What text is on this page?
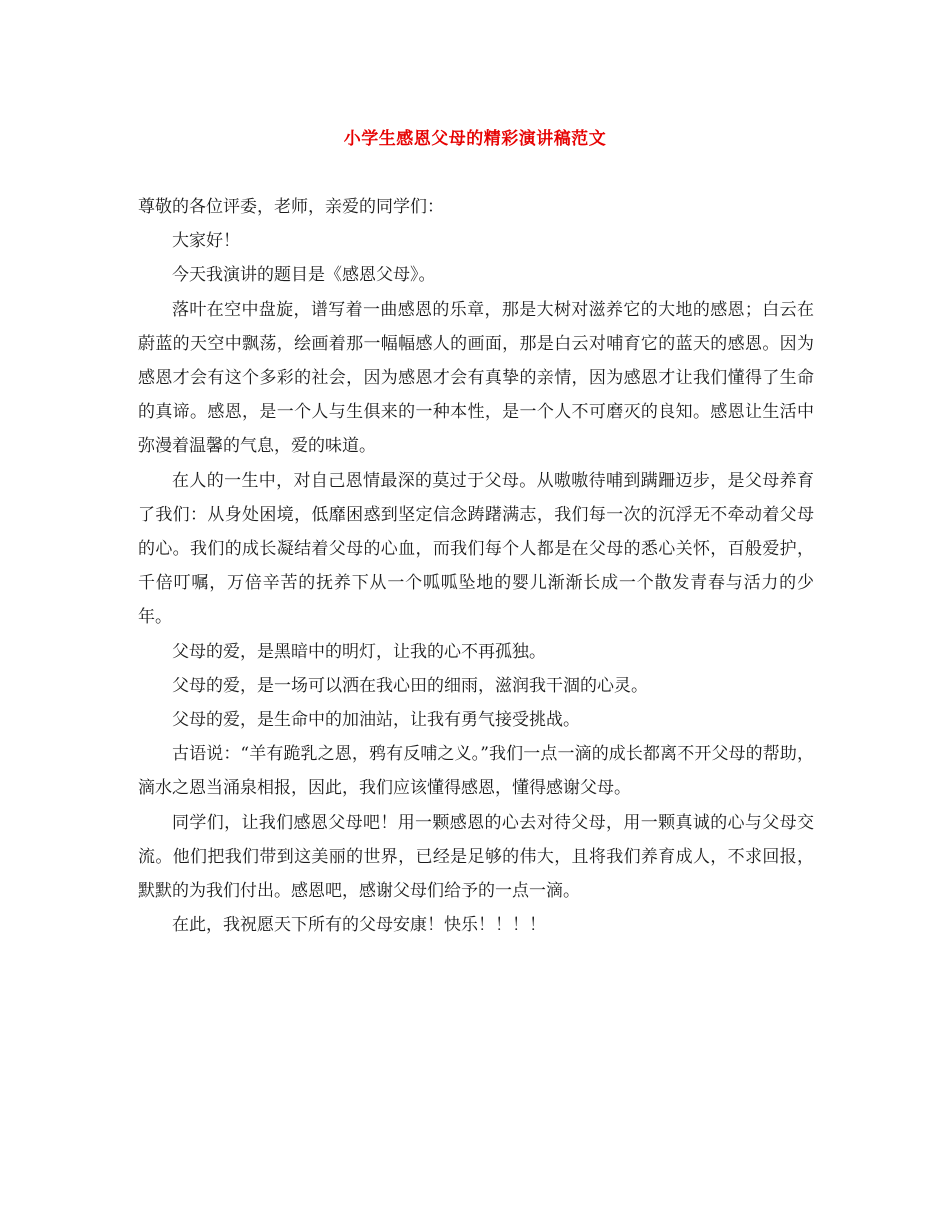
小学生感恩父母的精彩演讲稿范文

尊敬的各位评委，老师，亲爱的同学们：

大家好！

今天我演讲的题目是《感恩父母》。

落叶在空中盘旋，谱写着一曲感恩的乐章，那是大树对滋养它的大地的感恩；白云在蔚蓝的天空中飘荡，绘画着那一幅幅感人的画面，那是白云对哺育它的蓝天的感恩。因为感恩才会有这个多彩的社会，因为感恩才会有真挚的亲情，因为感恩才让我们懂得了生命的真谛。感恩，是一个人与生俱来的一种本性，是一个人不可磨灭的良知。感恩让生活中弥漫着温馨的气息，爱的味道。

在人的一生中，对自己恩情最深的莫过于父母。从嗷嗷待哺到蹒跚迈步，是父母养育了我们：从身处困境，低靡困惑到坚定信念踌躇满志，我们每一次的沉浮无不牵动着父母的心。我们的成长凝结着父母的心血，而我们每个人都是在父母的悉心关怀，百般爱护，千倍叮嘱，万倍辛苦的抚养下从一个呱呱坠地的婴儿渐渐长成一个散发青春与活力的少年。

父母的爱，是黑暗中的明灯，让我的心不再孤独。

父母的爱，是一场可以洒在我心田的细雨，滋润我干涸的心灵。

父母的爱，是生命中的加油站，让我有勇气接受挑战。

古语说：“羊有跪乳之恩，鸦有反哺之义。”我们一点一滴的成长都离不开父母的帮助，滴水之恩当涌泉相报，因此，我们应该懂得感恩，懂得感谢父母。

同学们，让我们感恩父母吧！用一颗感恩的心去对待父母，用一颗真诚的心与父母交流。他们把我们带到这美丽的世界，已经是足够的伟大，且将我们养育成人，不求回报，默默的为我们付出。感恩吧，感谢父母们给予的一点一滴。

在此，我祝愿天下所有的父母安康！快乐！！！！
